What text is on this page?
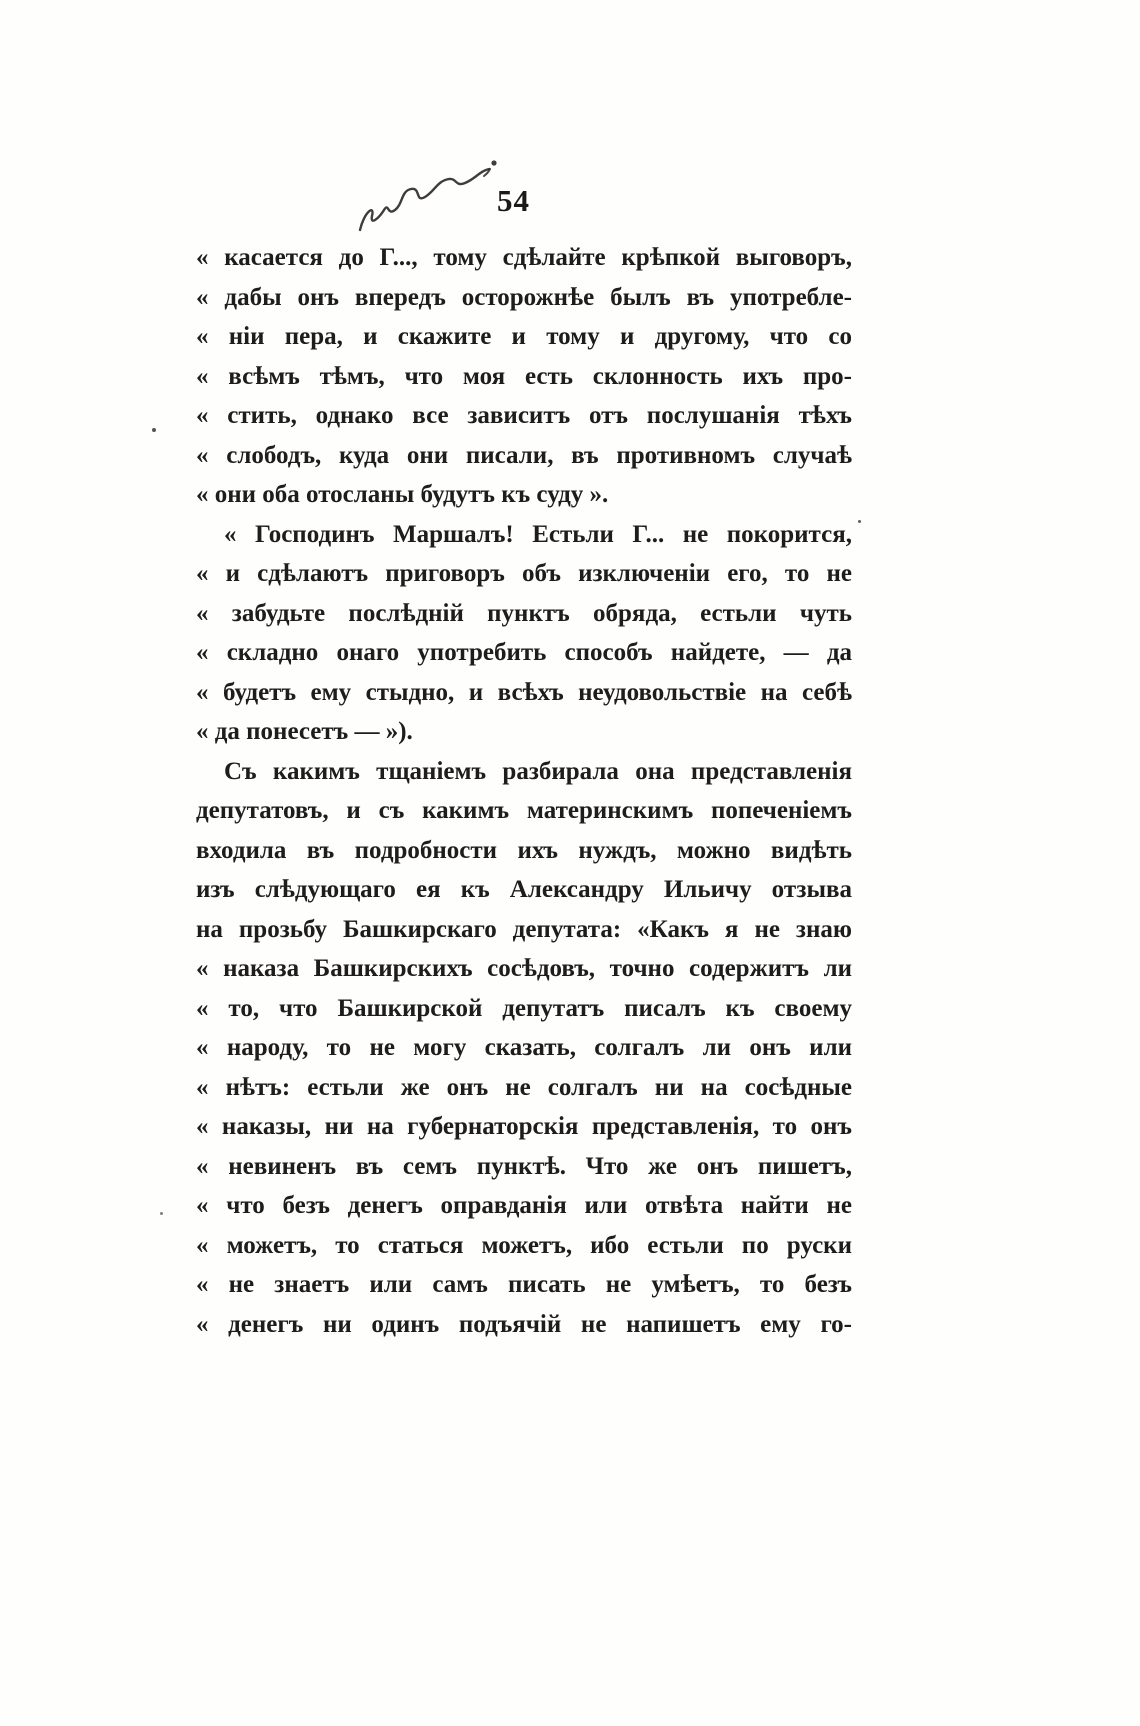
54
« касается до Г..., тому сдѣлайте крѣпкой выговоръ,
« дабы онъ впередъ осторожнѣе былъ въ употребле-
« ніи пера, и скажите и тому и другому, что со
« всѣмъ тѣмъ, что моя есть склонность ихъ про-
« стить, однако все зависитъ отъ послушанія тѣхъ
« слободъ, куда они писали, въ противномъ случаѣ
« они оба отосланы будутъ къ суду ».
« Господинъ Маршалъ! Естьли Г... не покорится,
« и сдѣлаютъ приговоръ объ изключеніи его, то не
« забудьте послѣдній пунктъ обряда, естьли чуть
« складно онаго употребить способъ найдете, — да
« будетъ ему стыдно, и всѣхъ неудовольствіе на себѣ
« да понесетъ — »).
Съ какимъ тщаніемъ разбирала она представленія
депутатовъ, и съ какимъ материнскимъ попеченіемъ
входила въ подробности ихъ нуждъ, можно видѣть
изъ слѣдующаго ея къ Александру Ильичу отзыва
на прозьбу Башкирскаго депутата: «Какъ я не знаю
« наказа Башкирскихъ сосѣдовъ, точно содержитъ ли
« то, что Башкирской депутатъ писалъ къ своему
« народу, то не могу сказать, солгалъ ли онъ или
« нѣтъ: естьли же онъ не солгалъ ни на сосѣдные
« наказы, ни на губернаторскія представленія, то онъ
« невиненъ въ семъ пунктѣ. Что же онъ пишетъ,
« что безъ денегъ оправданія или отвѣта найти не
« можетъ, то статься можетъ, ибо естьли по руски
« не знаетъ или самъ писать не умѣетъ, то безъ
« денегъ ни одинъ подъячій не напишетъ ему го-
